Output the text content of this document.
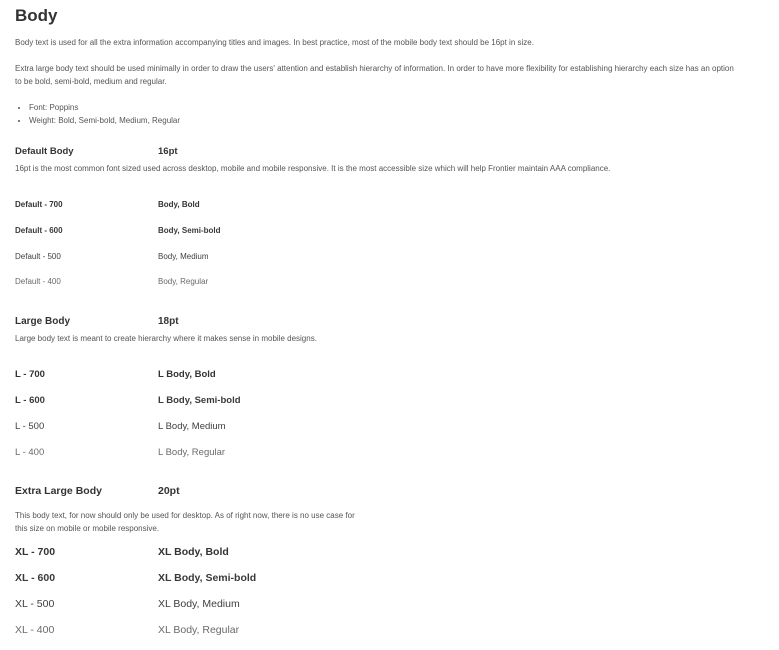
Body
Body text is used for all the extra information accompanying titles and images. In best practice, most of the mobile body text should be 16pt in size.
Extra large body text should be used minimally in order to draw the users' attention and establish hierarchy of information. In order to have more flexibility for establishing hierarchy each size has an option to be bold, semi-bold, medium and regular.
• Font: Poppins
• Weight: Bold, Semi-bold, Medium, Regular
Default Body	16pt
16pt is the most common font sized used across desktop, mobile and mobile responsive. It is the most accessible size which will help Frontier maintain AAA compliance.
Default - 700	Body, Bold
Default - 600	Body, Semi-bold
Default - 500	Body, Medium
Default - 400	Body, Regular
Large Body	18pt
Large body text is meant to create hierarchy where it makes sense in mobile designs.
L - 700	L Body, Bold
L - 600	L Body, Semi-bold
L - 500	L Body, Medium
L - 400	L Body, Regular
Extra Large Body	20pt
This body text, for now should only be used for desktop. As of right now, there is no use case for this size on mobile or mobile responsive.
XL - 700	XL Body, Bold
XL - 600	XL Body, Semi-bold
XL - 500	XL Body, Medium
XL - 400	XL Body, Regular
